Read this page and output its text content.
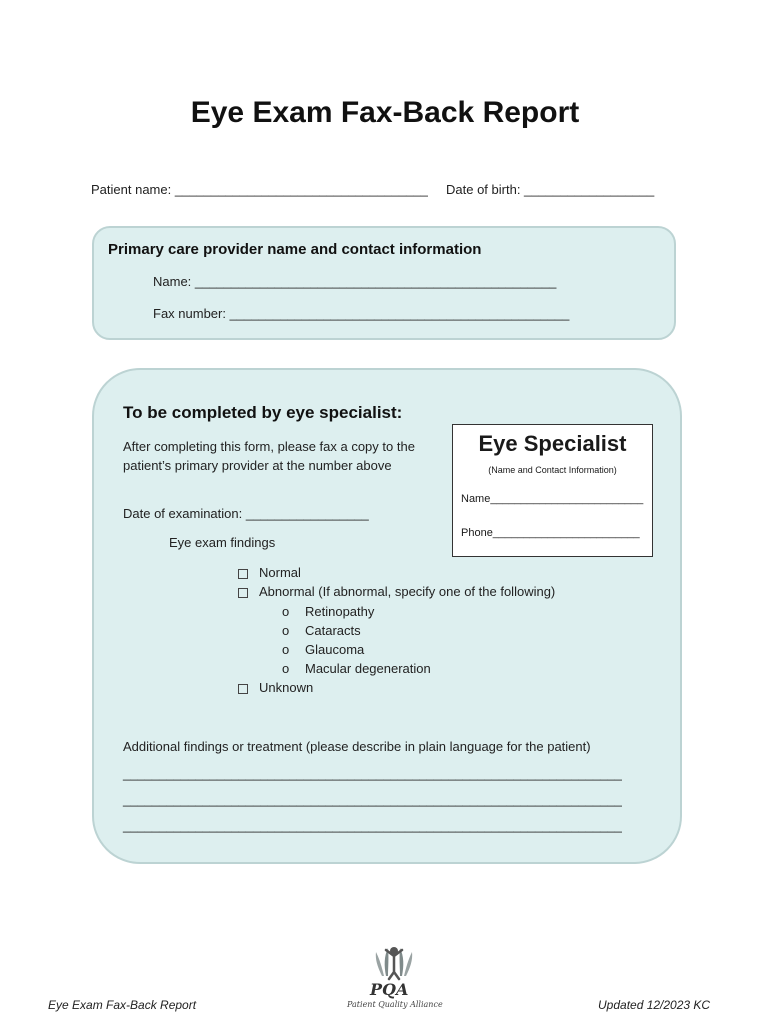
Eye Exam Fax-Back Report
Patient name: ___________________________________ Date of birth: __________________
Primary care provider name and contact information
Name: __________________________________________________
Fax number: _______________________________________________
To be completed by eye specialist:
After completing this form, please fax a copy to the
patient’s primary provider at the number above
Date of examination: _________________
Eye exam findings
Normal
Abnormal (If abnormal, specify one of the following)
o Retinopathy
o Cataracts
o Glaucoma
o Macular degeneration
Unknown
Additional findings or treatment (please describe in plain language for the patient)
_____________________________________________________________________
_____________________________________________________________________
_____________________________________________________________________
Eye Specialist
(Name and Contact Information)
Name_________________________
Phone________________________
PQA
Patient Quality Alliance
Eye Exam Fax-Back Report	Updated 12/2023 KC
